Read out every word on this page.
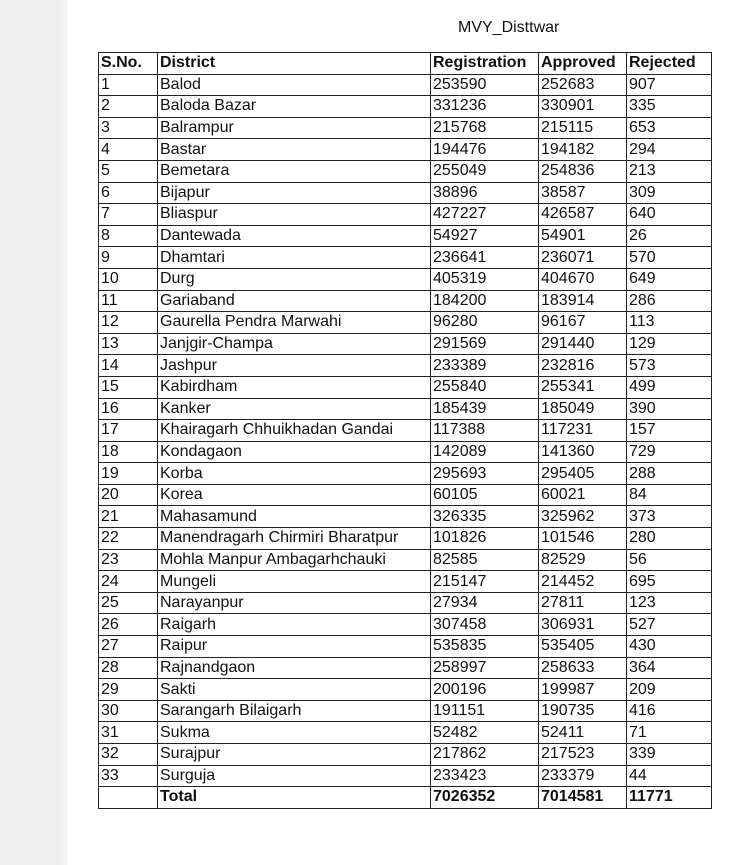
MVY_Disttwar
S.No.	District	Registration	Approved	Rejected
1	Balod	253590	252683	907
2	Baloda Bazar	331236	330901	335
3	Balrampur	215768	215115	653
4	Bastar	194476	194182	294
5	Bemetara	255049	254836	213
6	Bijapur	38896	38587	309
7	Bliaspur	427227	426587	640
8	Dantewada	54927	54901	26
9	Dhamtari	236641	236071	570
10	Durg	405319	404670	649
11	Gariaband	184200	183914	286
12	Gaurella Pendra Marwahi	96280	96167	113
13	Janjgir-Champa	291569	291440	129
14	Jashpur	233389	232816	573
15	Kabirdham	255840	255341	499
16	Kanker	185439	185049	390
17	Khairagarh Chhuikhadan Gandai	117388	117231	157
18	Kondagaon	142089	141360	729
19	Korba	295693	295405	288
20	Korea	60105	60021	84
21	Mahasamund	326335	325962	373
22	Manendragarh Chirmiri Bharatpur	101826	101546	280
23	Mohla Manpur Ambagarhchauki	82585	82529	56
24	Mungeli	215147	214452	695
25	Narayanpur	27934	27811	123
26	Raigarh	307458	306931	527
27	Raipur	535835	535405	430
28	Rajnandgaon	258997	258633	364
29	Sakti	200196	199987	209
30	Sarangarh Bilaigarh	191151	190735	416
31	Sukma	52482	52411	71
32	Surajpur	217862	217523	339
33	Surguja	233423	233379	44
	Total	7026352	7014581	11771
